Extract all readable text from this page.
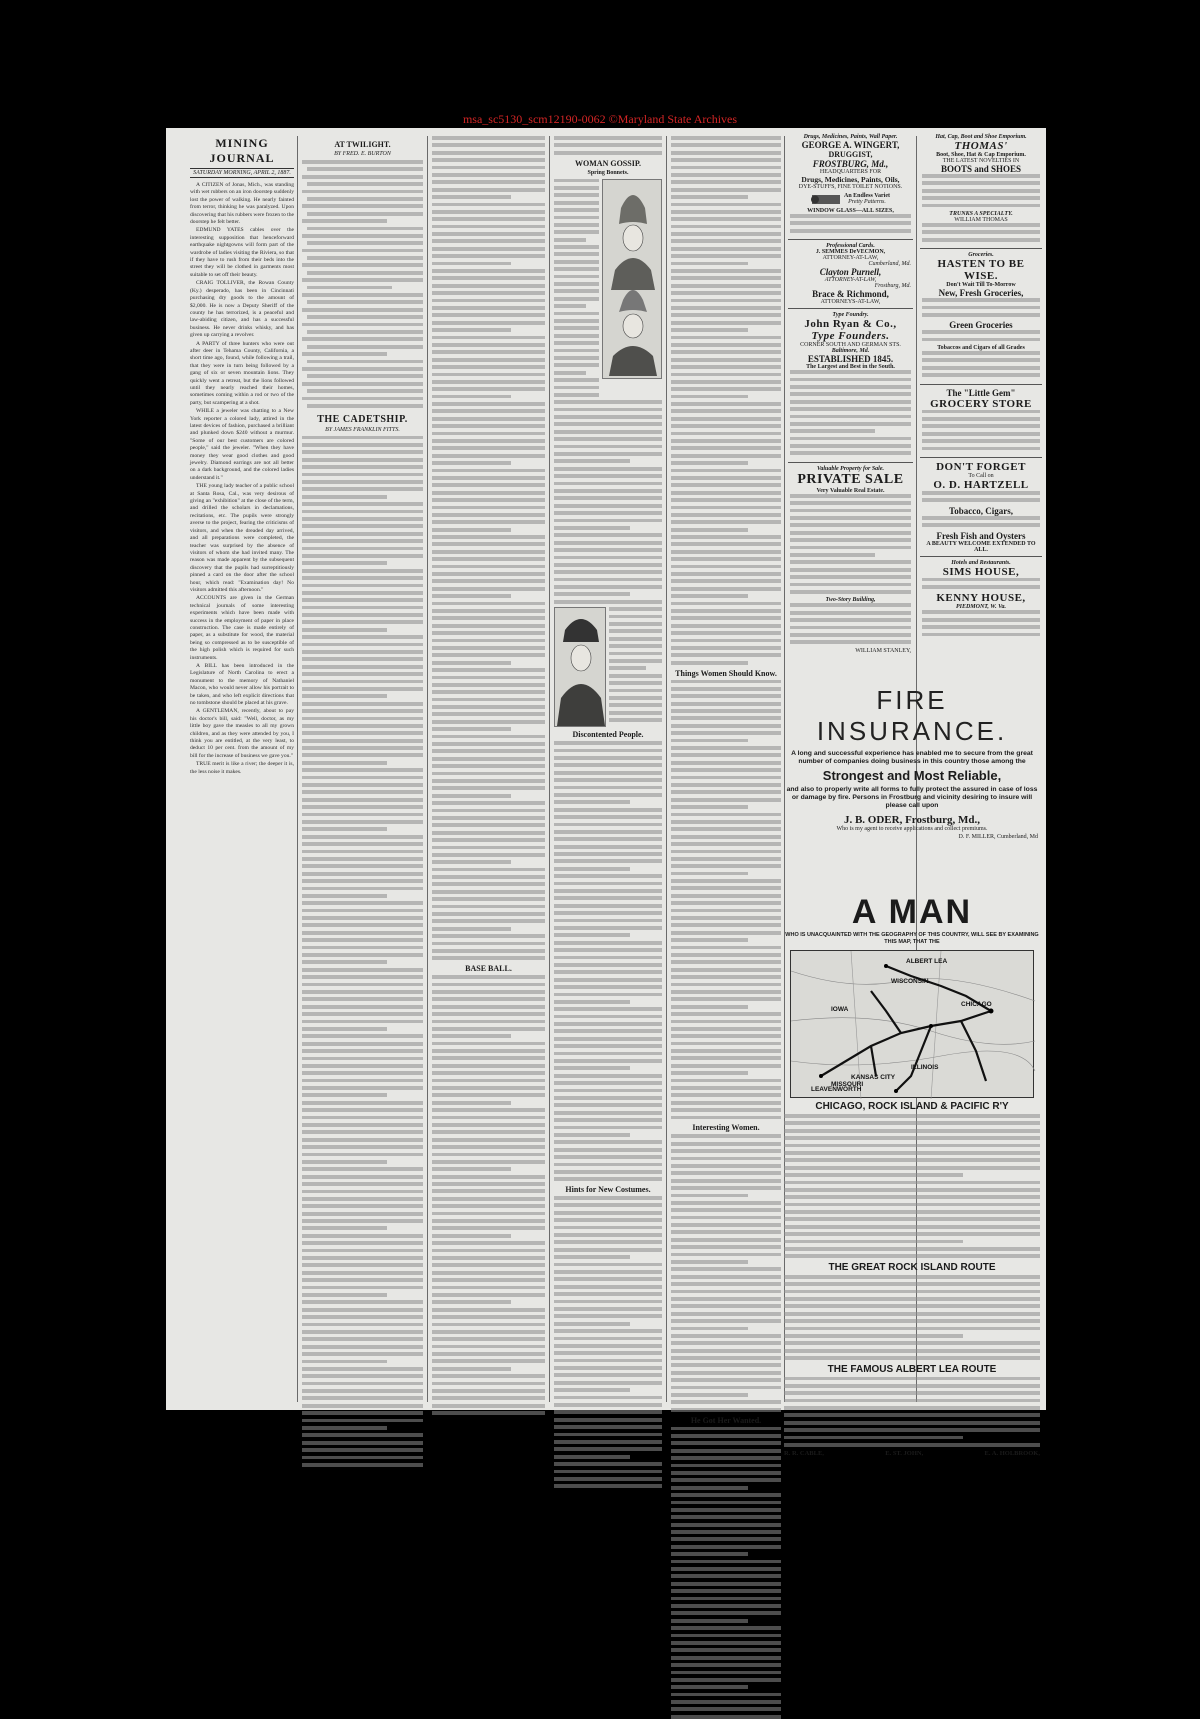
msa_sc5130_scm12190-0062 ©Maryland State Archives
MINING JOURNAL
SATURDAY MORNING, APRIL 2, 1887.

A CITIZEN of Jonas, Mich., was standing with wet rubbers on an iron doorstep suddenly lost the power of walking. He nearly fainted from terror, thinking he was paralyzed. Upon discovering that his rubbers were frozen to the doorstep he felt better.

EDMUND YATES cables over the interesting supposition that henceforward earthquake nightgowns will form part of the wardrobe of ladies visiting the Riviera, so that if they have to rush from their beds into the street they will be clothed in garments most suitable to set off their beauty.

CRAIG TOLLIVER, the Rowan County (Ky.) desperado, has been in Cincinnati purchasing dry goods to the amount of $2,000. He is now a Deputy Sheriff of the county he has terrorized, is a peaceful and law-abiding citizen, and has a successful business. He never drinks whisky, and has given up carrying a revolver.

A PARTY of three hunters who were out after deer in Tehama County, California, a short time ago, found, while following a trail, that they were in turn being followed by a gang of six or seven mountain lions. They quickly went a retreat, but the lions followed until they nearly reached their homes, sometimes coming within a rod or two of the party, but scampering at a shot.

WHILE a jeweler was chatting to a New York reporter a colored lady, attired in the latest devices of fashion, purchased a brilliant and plunked down $240 without a murmur. "Some of our best customers are colored people," said the jeweler. "When they have money they wear good clothes and good jewelry. Diamond earrings are not all better on a dark background, and the colored ladies understand it."

THE young lady teacher of a public school at Santa Rosa, Cal., was very desirous of giving an "exhibition" at the close of the term, and drilled the scholars in declamations, recitations, etc. The pupils were strongly averse to the project, fearing the criticisms of visitors, and when the dreaded day arrived, and all preparations were completed, the teacher was surprised by the absence of visitors of whom she had invited many. The reason was made apparent by the subsequent discovery that the pupils had surreptitiously pinned a card on the door after the school hour, which read: "Examination day! No visitors admitted this afternoon."

ACCOUNTS are given in the German technical journals of some interesting experiments which have been made with success in the employment of paper in place construction. The case is made entirely of paper, as a substitute for wood, the material being so compressed as to be susceptible of the high polish which is required for such instruments.

A BILL has been introduced in the Legislature of North Carolina to erect a monument to the memory of Nathaniel Macon, who would never allow his portrait to be taken, and who left explicit directions that no tombstone should be placed at his grave.

A GENTLEMAN, recently, about to pay his doctor's bill, said: "Well, doctor, as my little boy gave the measles to all my grown children, and as they were attended by you, I think you are entitled, at the very least, to deduct 10 per cent. from the amount of my bill for the increase of business we gave you."

TRUE merit is like a river; the deeper it is, the less noise it makes.

AT TWILIGHT.
BY FRED. E. BURTON
THE CADETSHIP.
BY JAMES FRANKLIN FITTS.
BASE BALL.
WOMAN GOSSIP.
Spring Bonnets.
Discontented People.
Hints for New Costumes.
Things Women Should Know.
Interesting Women.
He Got Her Wanted.
Drugs, Medicines, Paints, Wall Paper.
GEORGE A. WINGERT,
DRUGGIST,
FROSTBURG, Md.,
HEADQUARTERS FOR
Drugs, Medicines, Paints, Oils,
DYE-STUFFS, FINE TOILET NOTIONS.
An Endless Variet
Pretty Patterns.
WINDOW GLASS—ALL SIZES,
Professional Cards.
J. SEMMES DeVECMON,
ATTORNEY-AT-LAW,
Cumberland, Md.
Clayton Purnell,
ATTORNEY-AT-LAW,
Frostburg, Md.
Brace & Richmond,
ATTORNEYS-AT-LAW,
Type Foundry.
John Ryan & Co.,
Type Founders.
CORNER SOUTH AND GERMAN STS.
Baltimore, Md.
ESTABLISHED 1845.
The Largest and Best in the South.
Valuable Property for Sale.
PRIVATE SALE
Very Valuable Real Estate.
Two-Story Building,
WILLIAM STANLEY,
Hat, Cap, Boot and Shoe Emporium.
THOMAS'
Boot, Shoe, Hat & Cap Emporium.
THE LATEST NOVELTIES IN
BOOTS and SHOES
TRUNKS A SPECIALTY.
WILLIAM THOMAS
Groceries.
HASTEN TO BE WISE.
Don't Wait Till To-Morrow
New, Fresh Groceries,
Green Groceries
Tobaccos and Cigars of all Grades
The "Little Gem"
GROCERY STORE
DON'T FORGET
To Call on
O. D. HARTZELL
Tobacco, Cigars,
Fresh Fish and Oysters
A BEAUTY WELCOME EXTENDED TO ALL.
Hotels and Restaurants.
SIMS HOUSE,
KENNY HOUSE,
PIEDMONT, W. Va.
FIRE INSURANCE.
A long and successful experience has enabled me to secure from the great number of companies doing business in this country those among the
Strongest and Most Reliable,
and also to properly write all forms to fully protect the assured in case of loss or damage by fire. Persons in Frostburg and vicinity desiring to insure will please call upon
J. B. ODER, Frostburg, Md.,
Who is my agent to receive applications and collect premiums.
D. F. MILLER, Cumberland, Md
A MAN
WHO IS UNACQUAINTED WITH THE GEOGRAPHY OF THIS COUNTRY, WILL SEE BY EXAMINING THIS MAP, THAT THE
WISCONSIN
ILLINOIS
IOWA
MISSOURI
CHICAGO
LEAVENWORTH
KANSAS CITY
ALBERT LEA
CHICAGO, ROCK ISLAND & PACIFIC R'Y
THE GREAT ROCK ISLAND ROUTE
THE FAMOUS ALBERT LEA ROUTE
R. R. CABLE,	E. ST. JOHN,	E. A. HOLBROOK,
